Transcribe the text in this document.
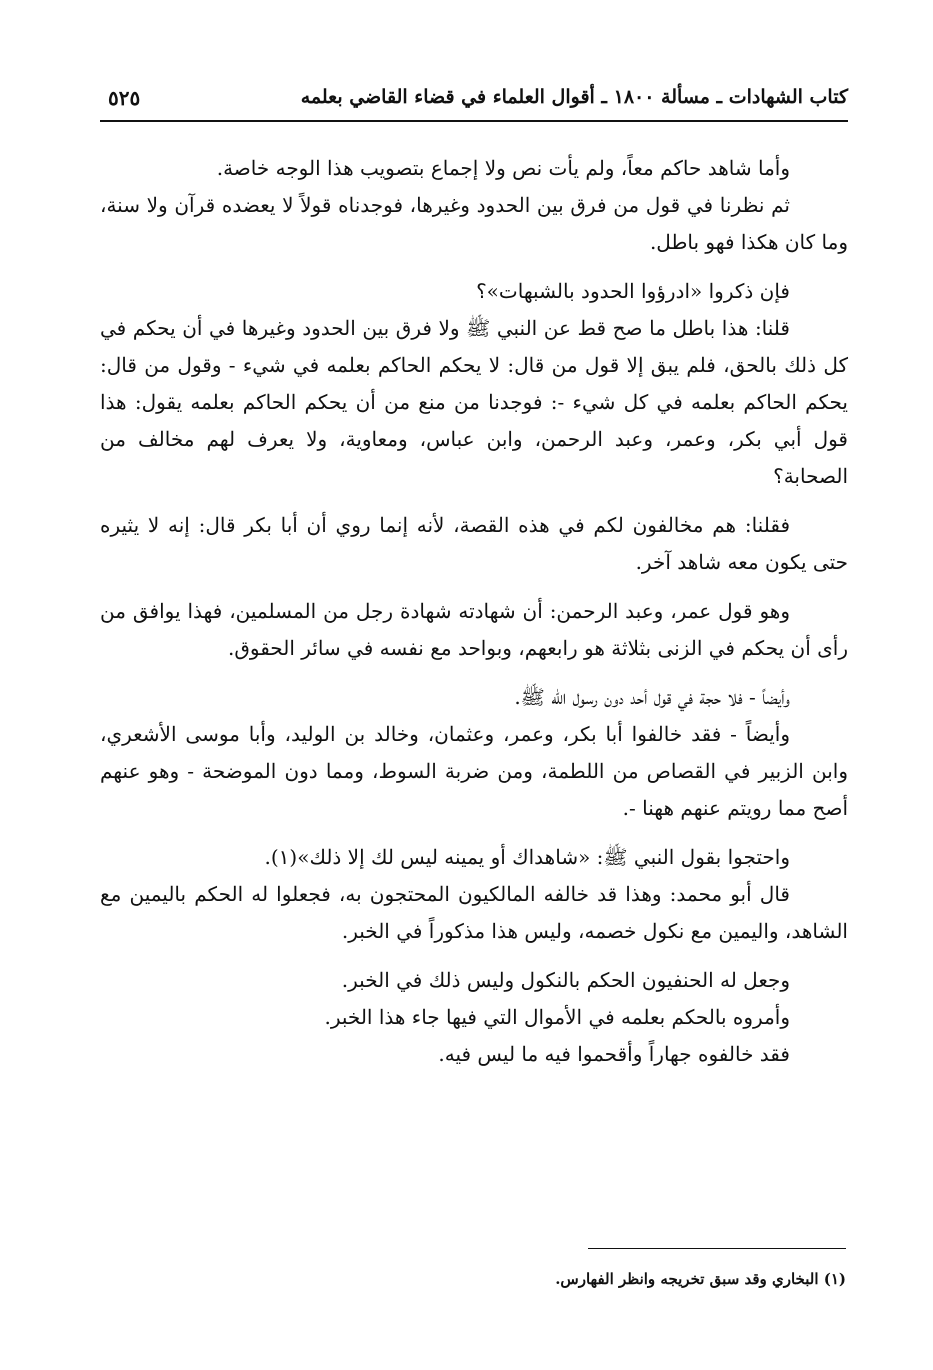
كتاب الشهادات ـ مسألة ١٨٠٠ ـ أقوال العلماء في قضاء القاضي بعلمه
٥٢٥

وأما شاهد حاكم معاً، ولم يأت نص ولا إجماع بتصويب هذا الوجه خاصة.

ثم نظرنا في قول من فرق بين الحدود وغيرها، فوجدناه قولاً لا يعضده قرآن ولا سنة، وما كان هكذا فهو باطل.

فإن ذكروا «ادرؤوا الحدود بالشبهات»؟

قلنا: هذا باطل ما صح قط عن النبي ﷺ ولا فرق بين الحدود وغيرها في أن يحكم في كل ذلك بالحق، فلم يبق إلا قول من قال: لا يحكم الحاكم بعلمه في شيء - وقول من قال: يحكم الحاكم بعلمه في كل شيء -: فوجدنا من منع من أن يحكم الحاكم بعلمه يقول: هذا قول أبي بكر، وعمر، وعبد الرحمن، وابن عباس، ومعاوية، ولا يعرف لهم مخالف من الصحابة؟

فقلنا: هم مخالفون لكم في هذه القصة، لأنه إنما روي أن أبا بكر قال: إنه لا يثيره حتى يكون معه شاهد آخر.

وهو قول عمر، وعبد الرحمن: أن شهادته شهادة رجل من المسلمين، فهذا يوافق من رأى أن يحكم في الزنى بثلاثة هو رابعهم، وبواحد مع نفسه في سائر الحقوق.

وأيضاً - فلا حجة في قول أحد دون رسول الله ﷺ.

وأيضاً - فقد خالفوا أبا بكر، وعمر، وعثمان، وخالد بن الوليد، وأبا موسى الأشعري، وابن الزبير في القصاص من اللطمة، ومن ضربة السوط، ومما دون الموضحة - وهو عنهم أصح مما رويتم عنهم ههنا -.

واحتجوا بقول النبي ﷺ: «شاهداك أو يمينه ليس لك إلا ذلك»(١).

قال أبو محمد: وهذا قد خالفه المالكيون المحتجون به، فجعلوا له الحكم باليمين مع الشاهد، واليمين مع نكول خصمه، وليس هذا مذكوراً في الخبر.

وجعل له الحنفيون الحكم بالنكول وليس ذلك في الخبر.

وأمروه بالحكم بعلمه في الأموال التي فيها جاء هذا الخبر.

فقد خالفوه جهاراً وأقحموا فيه ما ليس فيه.

(١) البخاري وقد سبق تخريجه وانظر الفهارس.
